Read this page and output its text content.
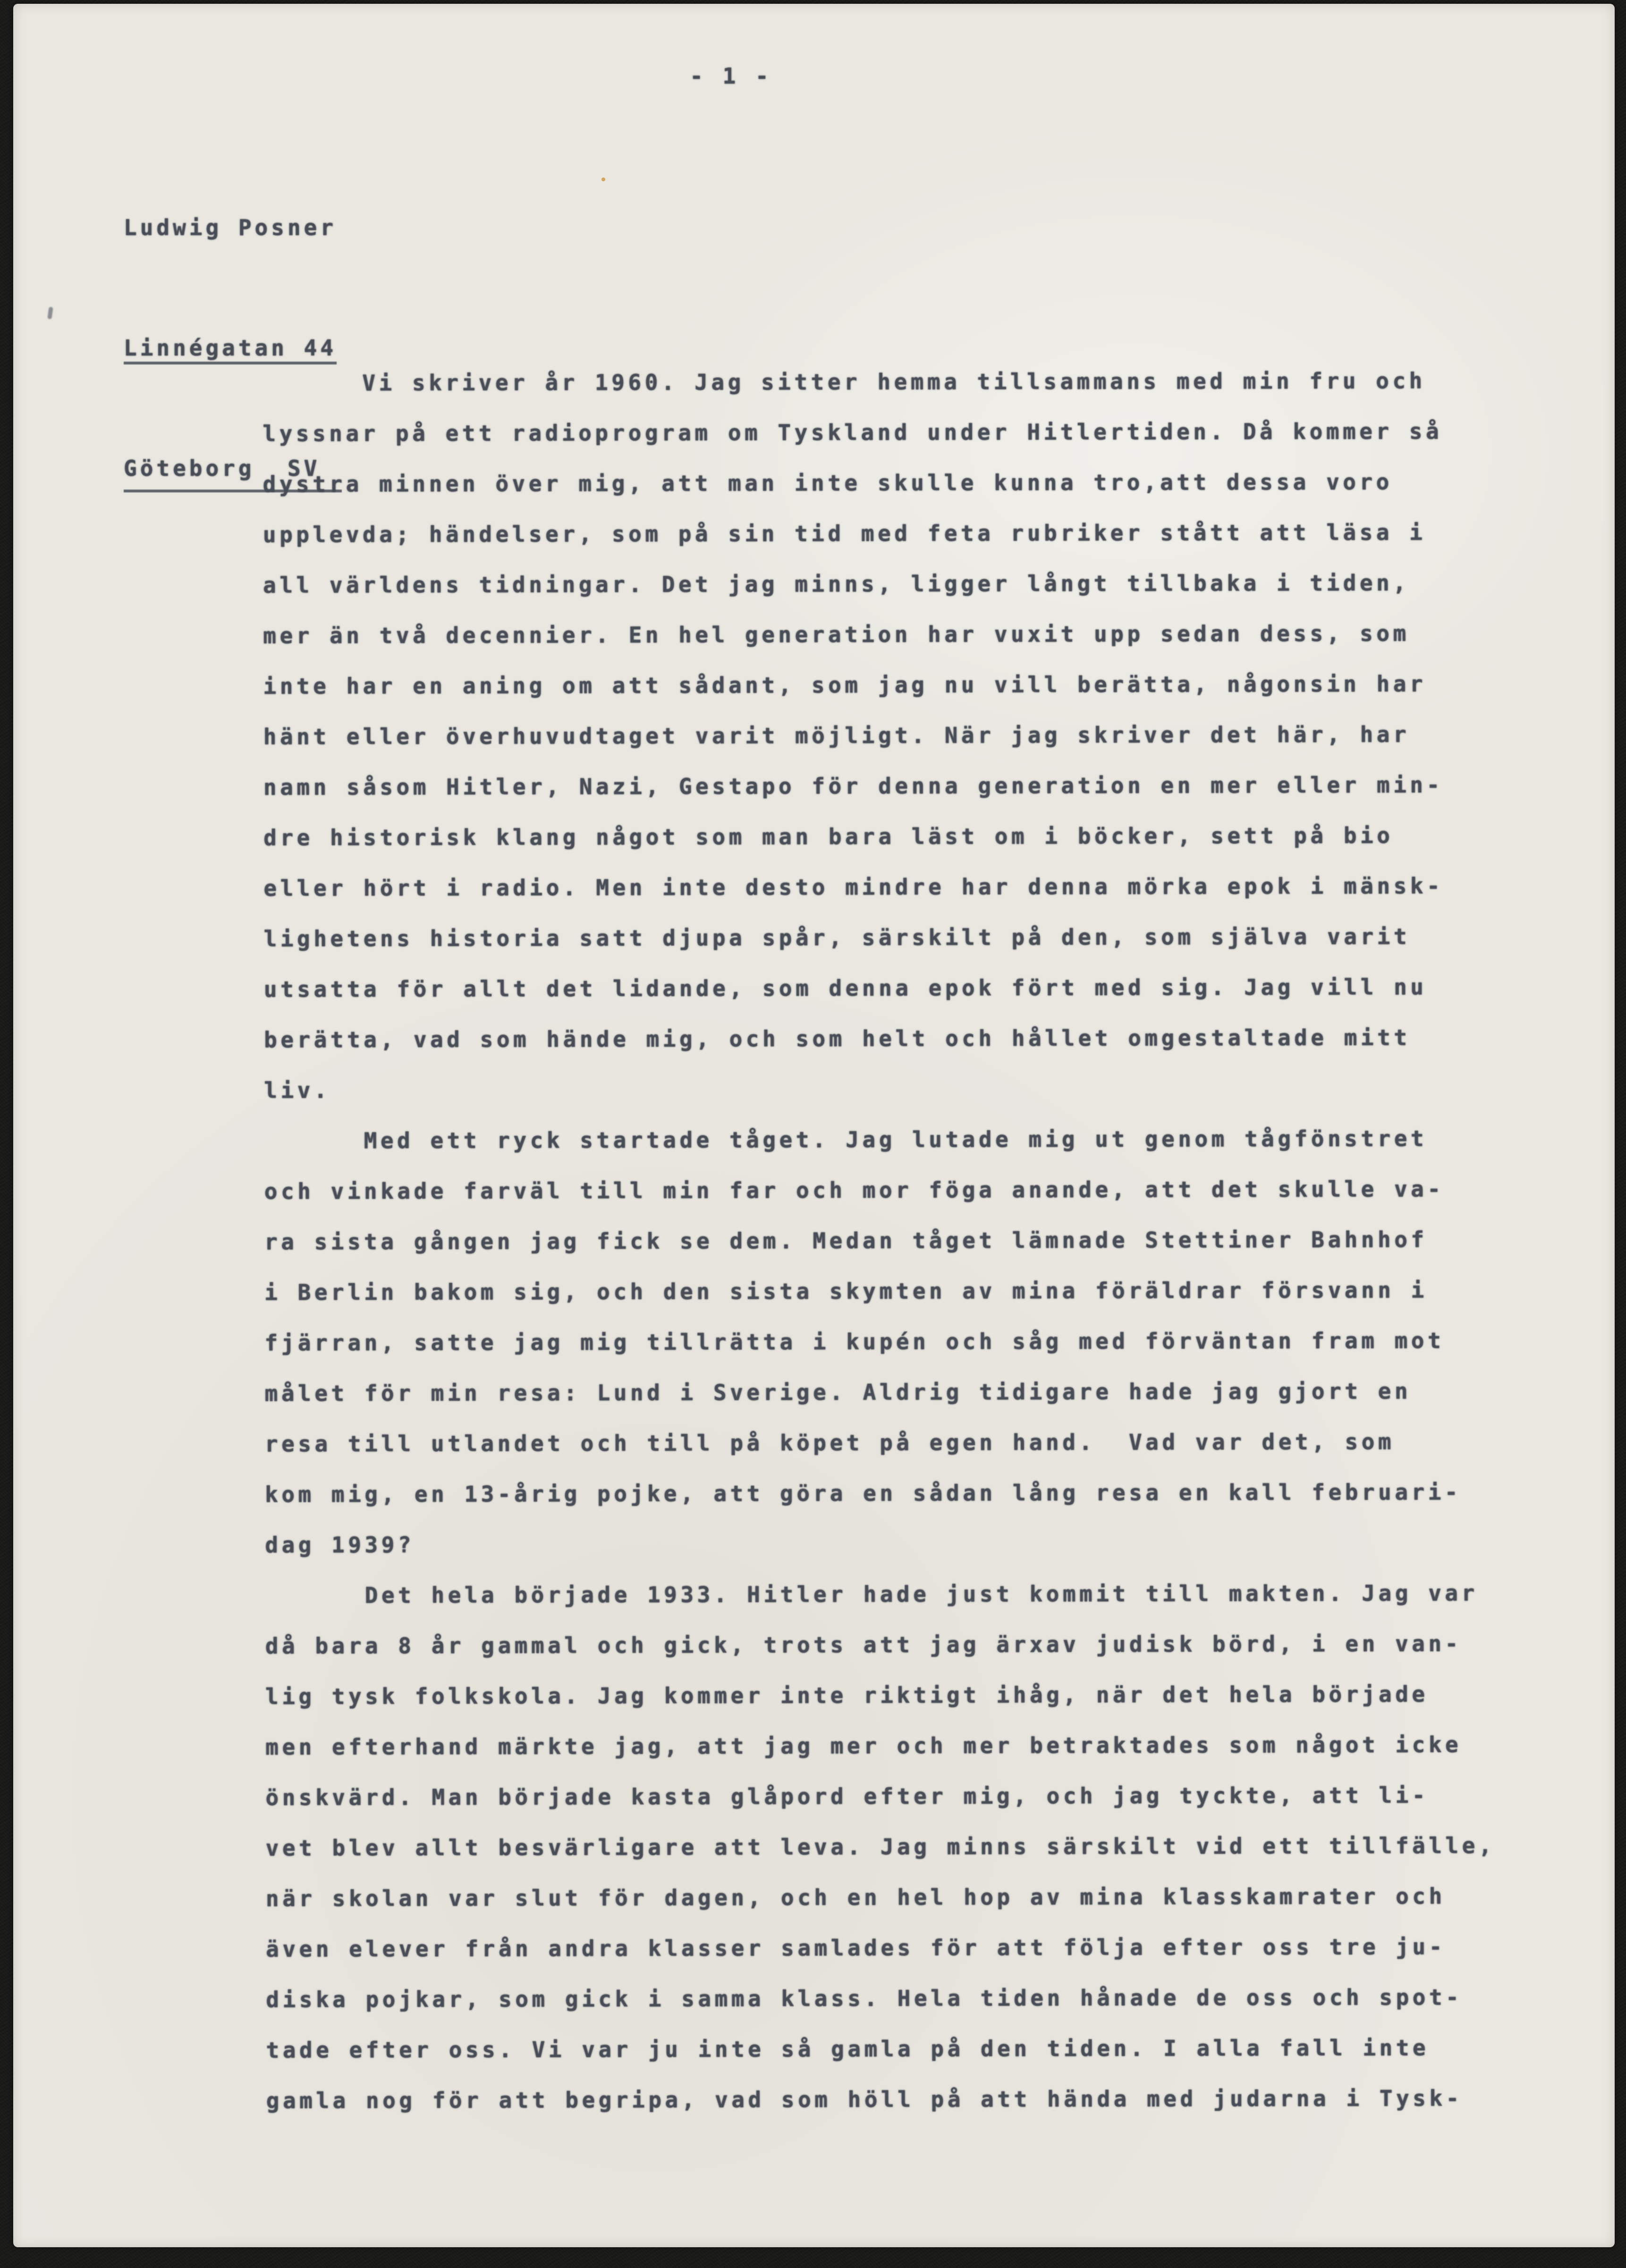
- 1 -

Ludwig Posner

Linnégatan 44

Göteborg  SV

Vi skriver år 1960. Jag sitter hemma tillsammans med min fru och
lyssnar på ett radioprogram om Tyskland under Hitlertiden. Då kommer så
dystra minnen över mig, att man inte skulle kunna tro,att dessa voro
upplevda; händelser, som på sin tid med feta rubriker stått att läsa i
all världens tidningar. Det jag minns, ligger långt tillbaka i tiden,
mer än två decennier. En hel generation har vuxit upp sedan dess, som
inte har en aning om att sådant, som jag nu vill berätta, någonsin har
hänt eller överhuvudtaget varit möjligt. När jag skriver det här, har
namn såsom Hitler, Nazi, Gestapo för denna generation en mer eller min-
dre historisk klang något som man bara läst om i böcker, sett på bio
eller hört i radio. Men inte desto mindre har denna mörka epok i mänsk-
lighetens historia satt djupa spår, särskilt på den, som själva varit
utsatta för allt det lidande, som denna epok fört med sig. Jag vill nu
berätta, vad som hände mig, och som helt och hållet omgestaltade mitt
liv.
Med ett ryck startade tåget. Jag lutade mig ut genom tågfönstret
och vinkade farväl till min far och mor föga anande, att det skulle va-
ra sista gången jag fick se dem. Medan tåget lämnade Stettiner Bahnhof
i Berlin bakom sig, och den sista skymten av mina föräldrar försvann i
fjärran, satte jag mig tillrätta i kupén och såg med förväntan fram mot
målet för min resa: Lund i Sverige. Aldrig tidigare hade jag gjort en
resa till utlandet och till på köpet på egen hand.  Vad var det, som
kom mig, en 13-årig pojke, att göra en sådan lång resa en kall februari-
dag 1939?
Det hela började 1933. Hitler hade just kommit till makten. Jag var
då bara 8 år gammal och gick, trots att jag ärxav judisk börd, i en van-
lig tysk folkskola. Jag kommer inte riktigt ihåg, när det hela började
men efterhand märkte jag, att jag mer och mer betraktades som något icke
önskvärd. Man började kasta glåpord efter mig, och jag tyckte, att li-
vet blev allt besvärligare att leva. Jag minns särskilt vid ett tillfälle,
när skolan var slut för dagen, och en hel hop av mina klasskamrater och
även elever från andra klasser samlades för att följa efter oss tre ju-
diska pojkar, som gick i samma klass. Hela tiden hånade de oss och spot-
tade efter oss. Vi var ju inte så gamla på den tiden. I alla fall inte
gamla nog för att begripa, vad som höll på att hända med judarna i Tysk-
